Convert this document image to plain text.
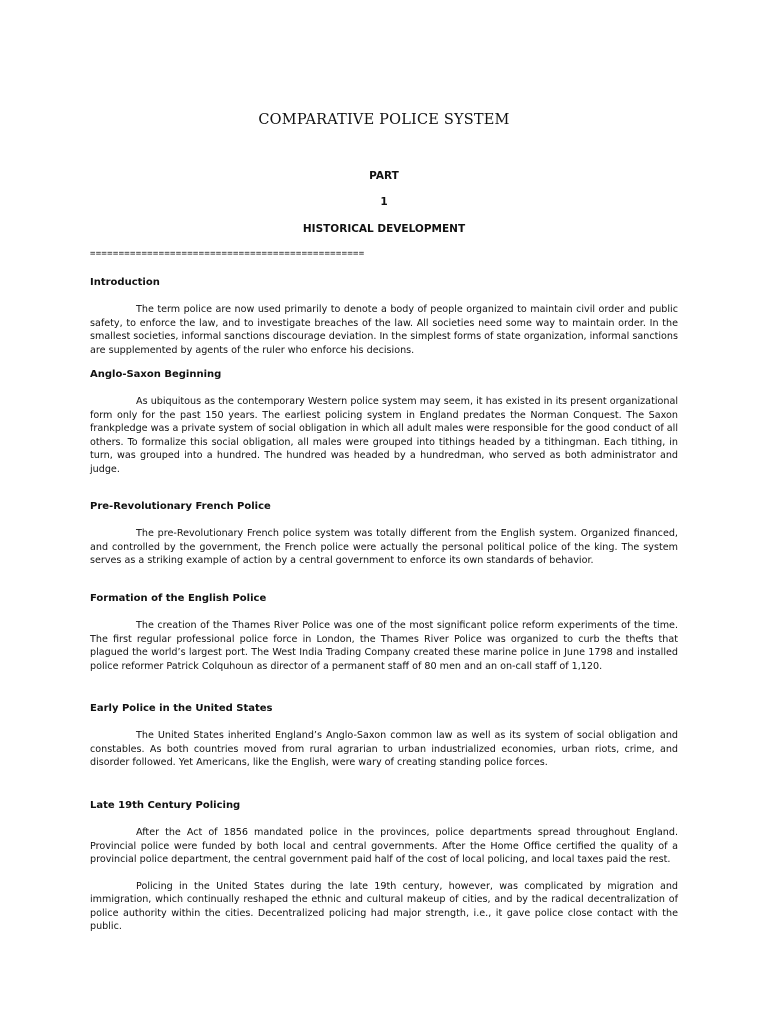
COMPARATIVE POLICE SYSTEM
PART
1
HISTORICAL DEVELOPMENT
================================================
Introduction

The term police are now used primarily to denote a body of people organized to maintain civil order and public safety, to enforce the law, and to investigate breaches of the law. All societies need some way to maintain order. In the smallest societies, informal sanctions discourage deviation. In the simplest forms of state organization, informal sanctions are supplemented by agents of the ruler who enforce his decisions.

Anglo-Saxon Beginning

As ubiquitous as the contemporary Western police system may seem, it has existed in its present organizational form only for the past 150 years. The earliest policing system in England predates the Norman Conquest. The Saxon frankpledge was a private system of social obligation in which all adult males were responsible for the good conduct of all others. To formalize this social obligation, all males were grouped into tithings headed by a tithingman. Each tithing, in turn, was grouped into a hundred. The hundred was headed by a hundredman, who served as both administrator and judge.

Pre-Revolutionary French Police

The pre-Revolutionary French police system was totally different from the English system. Organized financed, and controlled by the government, the French police were actually the personal political police of the king. The system serves as a striking example of action by a central government to enforce its own standards of behavior.

Formation of the English Police

The creation of the Thames River Police was one of the most significant police reform experiments of the time. The first regular professional police force in London, the Thames River Police was organized to curb the thefts that plagued the world’s largest port. The West India Trading Company created these marine police in June 1798 and installed police reformer Patrick Colquhoun as director of a permanent staff of 80 men and an on-call staff of 1,120.

Early Police in the United States

The United States inherited England’s Anglo-Saxon common law as well as its system of social obligation and constables. As both countries moved from rural agrarian to urban industrialized economies, urban riots, crime, and disorder followed. Yet Americans, like the English, were wary of creating standing police forces.

Late 19th Century Policing

After the Act of 1856 mandated police in the provinces, police departments spread throughout England. Provincial police were funded by both local and central governments. After the Home Office certified the quality of a provincial police department, the central government paid half of the cost of local policing, and local taxes paid the rest.

Policing in the United States during the late 19th century, however, was complicated by migration and immigration, which continually reshaped the ethnic and cultural makeup of cities, and by the radical decentralization of police authority within the cities. Decentralized policing had major strength, i.e., it gave police close contact with the public.
